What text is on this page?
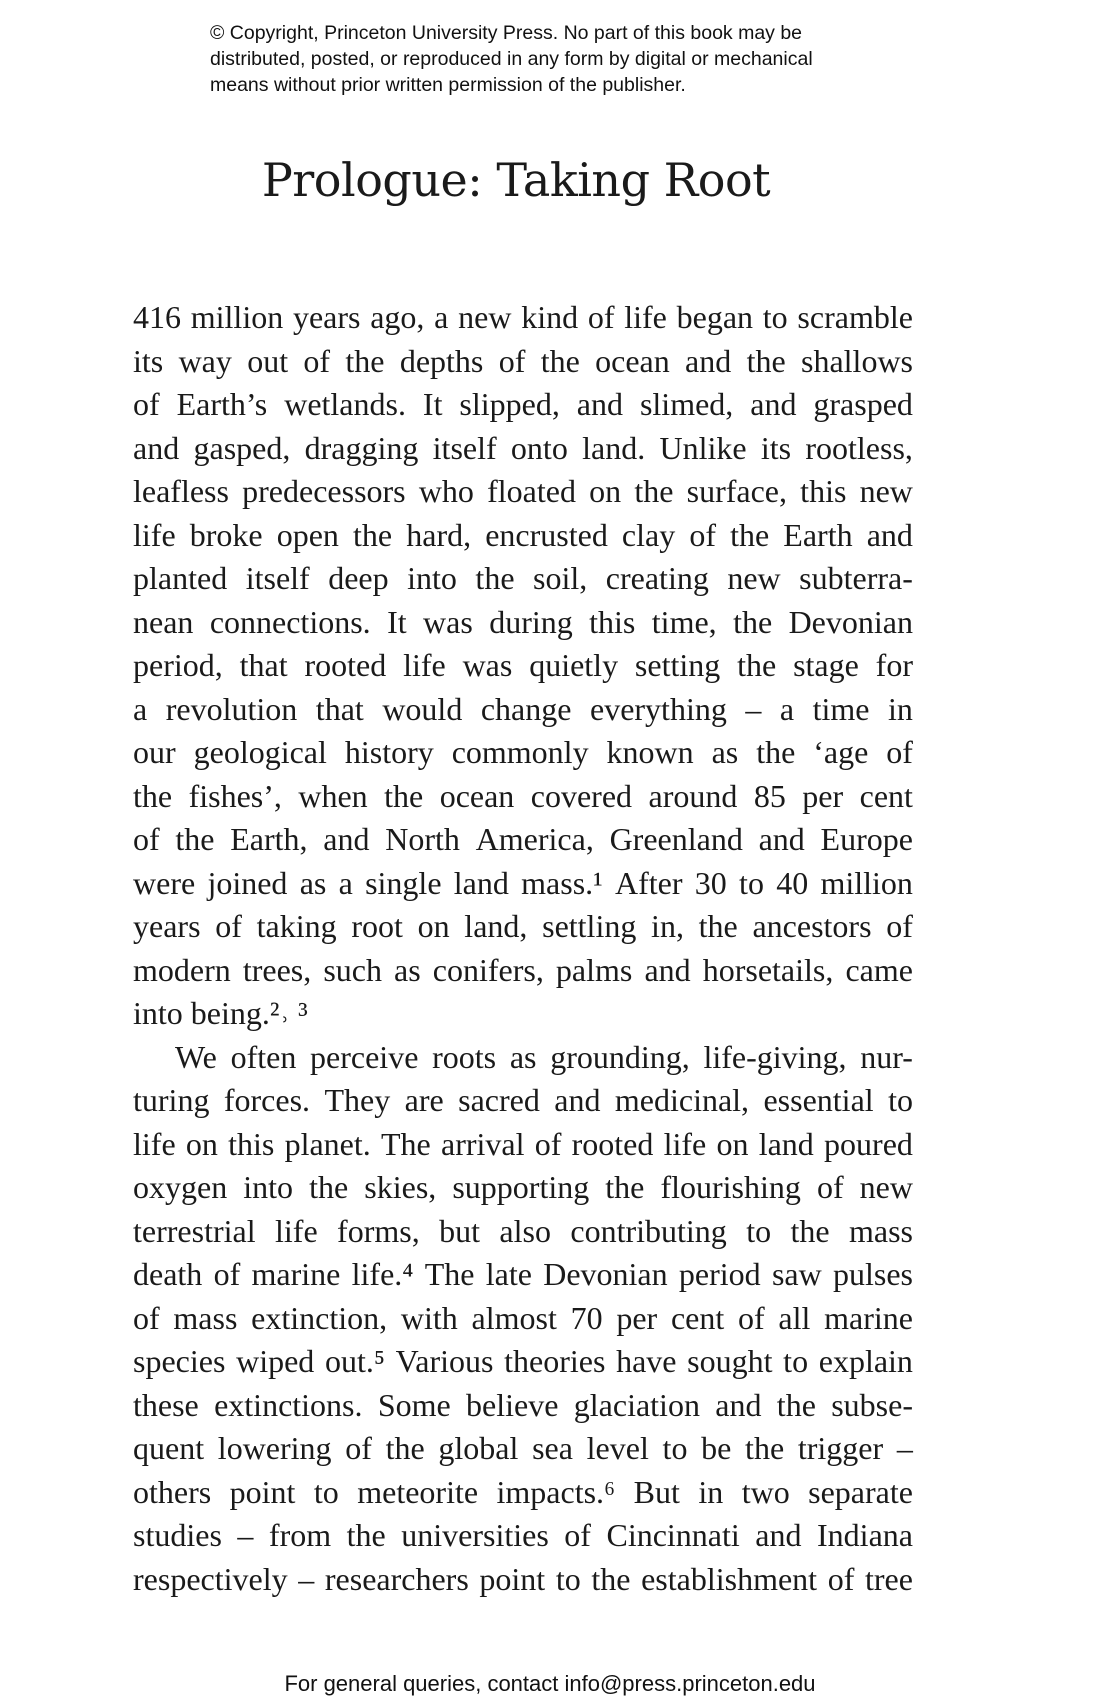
© Copyright, Princeton University Press. No part of this book may be
distributed, posted, or reproduced in any form by digital or mechanical
means without prior written permission of the publisher.
Prologue: Taking Root
416 million years ago, a new kind of life began to scramble
its way out of the depths of the ocean and the shallows
of Earth’s wetlands. It slipped, and slimed, and grasped
and gasped, dragging itself onto land. Unlike its rootless,
leafless predecessors who floated on the surface, this new
life broke open the hard, encrusted clay of the Earth and
planted itself deep into the soil, creating new subterra-
nean connections. It was during this time, the Devonian
period, that rooted life was quietly setting the stage for
a revolution that would change everything – a time in
our geological history commonly known as the ‘age of
the fishes’, when the ocean covered around 85 per cent
of the Earth, and North America, Greenland and Europe
were joined as a single land mass.¹ After 30 to 40 million
years of taking root on land, settling in, the ancestors of
modern trees, such as conifers, palms and horsetails, came
into being.²˒ ³
We often perceive roots as grounding, life-giving, nur-
turing forces. They are sacred and medicinal, essential to
life on this planet. The arrival of rooted life on land poured
oxygen into the skies, supporting the flourishing of new
terrestrial life forms, but also contributing to the mass
death of marine life.⁴ The late Devonian period saw pulses
of mass extinction, with almost 70 per cent of all marine
species wiped out.⁵ Various theories have sought to explain
these extinctions. Some believe glaciation and the subse-
quent lowering of the global sea level to be the trigger –
others point to meteorite impacts.⁶ But in two separate
studies – from the universities of Cincinnati and Indiana
respectively – researchers point to the establishment of tree
For general queries, contact info@press.princeton.edu
